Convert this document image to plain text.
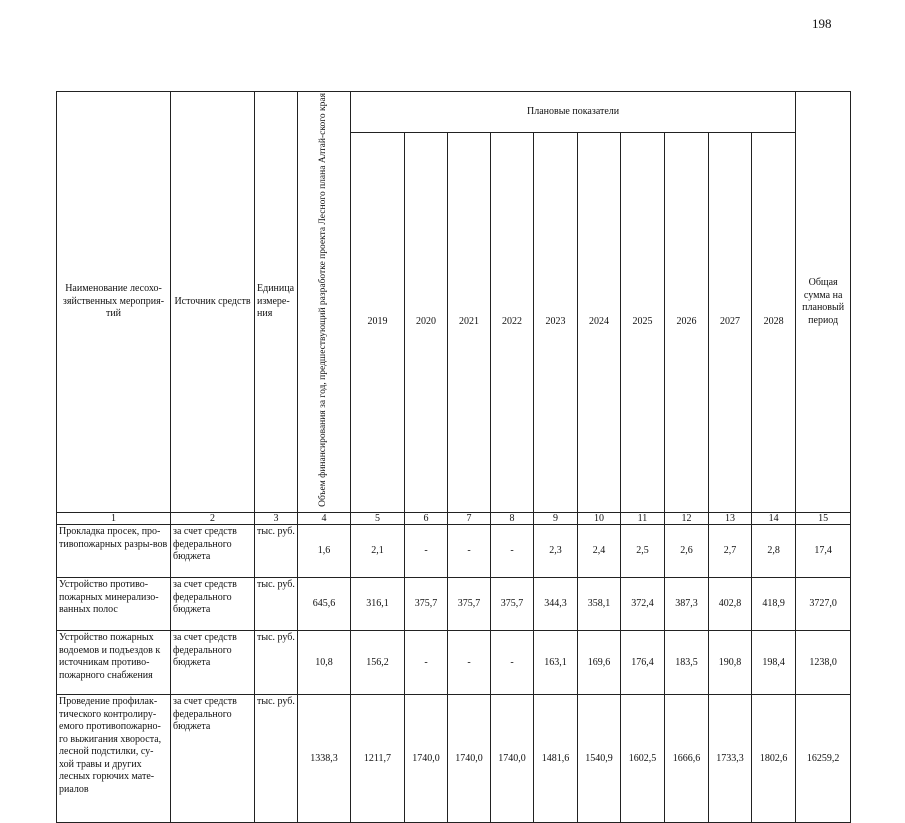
198
Наименование лесохо-зяйственных мероприя-тий	Источник средств	Единица измере-ния	Объем финансирования за год, предшествующий разработке проекта Лесного плана Алтай-ского края	Плановые показатели										Общая сумма на плановый период
				2019	2020	2021	2022	2023	2024	2025	2026	2027	2028	
1	2	3	4	5	6	7	8	9	10	11	12	13	14	15
Прокладка просек, про-тивопожарных разры-вов	за счет средств федерального бюджета	тыс. руб.	1,6	2,1	-	-	-	2,3	2,4	2,5	2,6	2,7	2,8	17,4
Устройство противо-пожарных минерализо-ванных полос	за счет средств федерального бюджета	тыс. руб.	645,6	316,1	375,7	375,7	375,7	344,3	358,1	372,4	387,3	402,8	418,9	3727,0
Устройство пожарных водоемов и подъездов к источникам противо-пожарного снабжения	за счет средств федерального бюджета	тыс. руб.	10,8	156,2	-	-	-	163,1	169,6	176,4	183,5	190,8	198,4	1238,0
Проведение профилак-тического контролиру-емого противопожарно-го выжигания хвороста, лесной подстилки, су-хой травы и других лесных горючих мате-риалов	за счет средств федерального бюджета	тыс. руб.	1338,3	1211,7	1740,0	1740,0	1740,0	1481,6	1540,9	1602,5	1666,6	1733,3	1802,6	16259,2
